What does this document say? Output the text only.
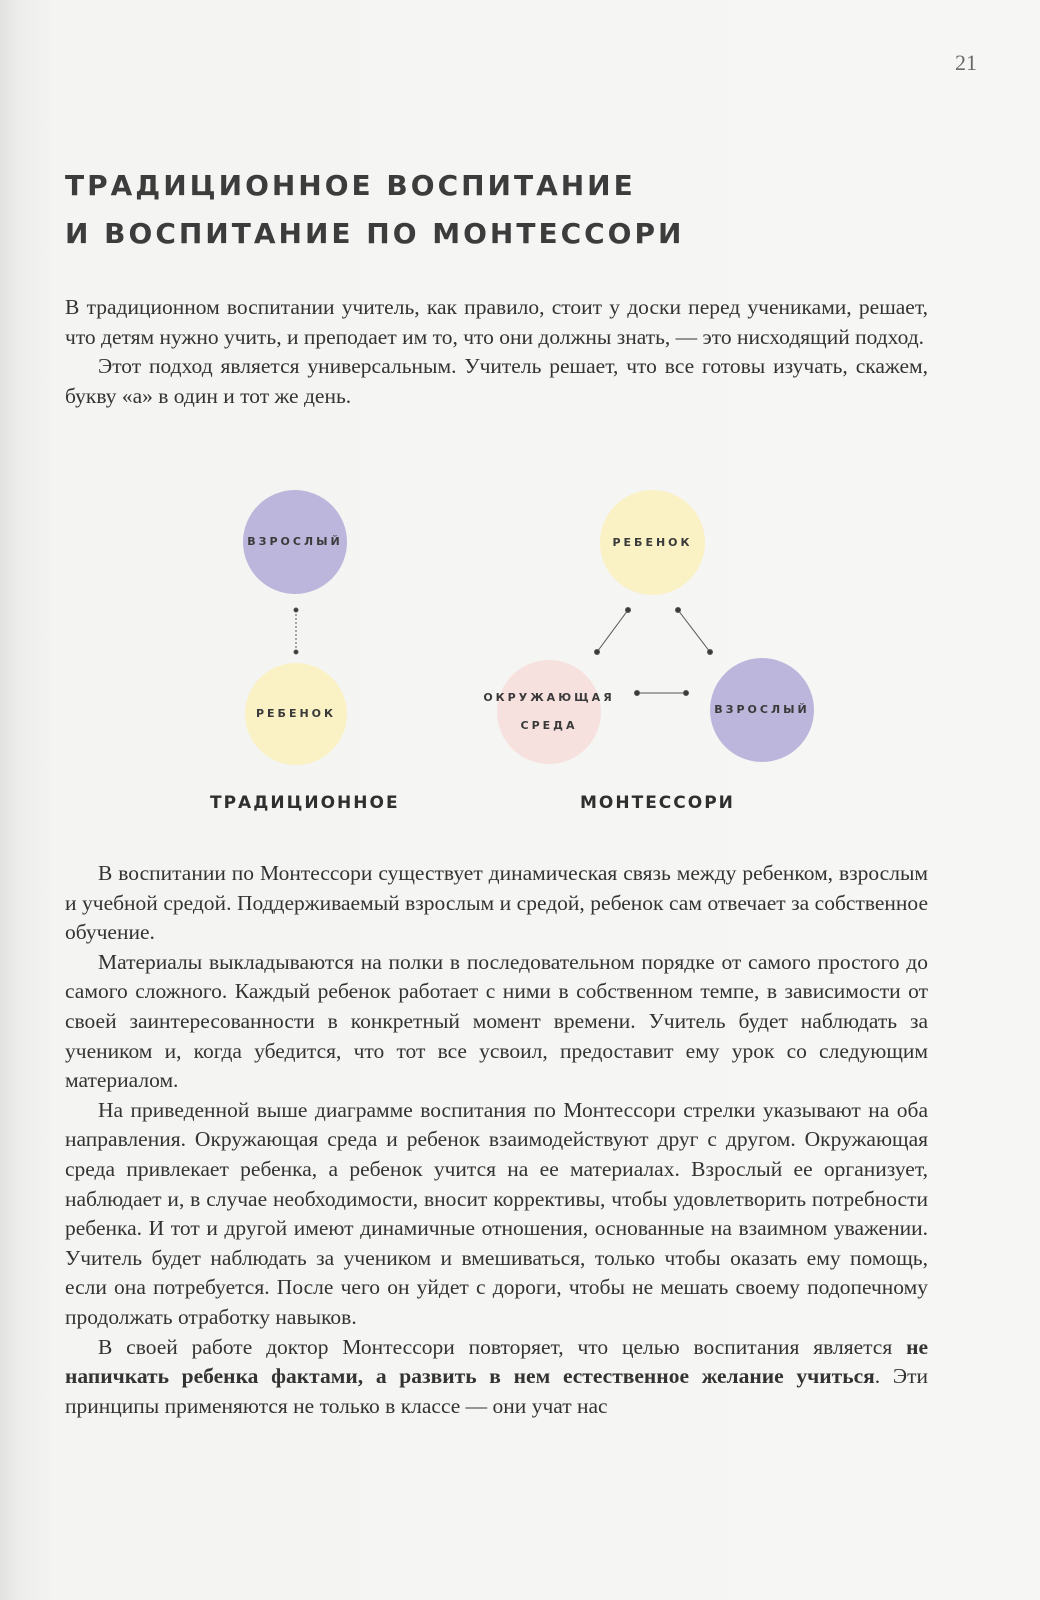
21
ТРАДИЦИОННОЕ ВОСПИТАНИЕ
И ВОСПИТАНИЕ ПО МОНТЕССОРИ

В традиционном воспитании учитель, как правило, стоит у доски перед учениками, решает, что детям нужно учить, и преподает им то, что они должны знать, — это нисходящий подход.

Этот подход является универсальным. Учитель решает, что все готовы изучать, скажем, букву «а» в один и тот же день.

ВЗРОСЛЫЙ
РЕБЕНОК
РЕБЕНОК
ОКРУЖАЮЩАЯ
СРЕДА
ВЗРОСЛЫЙ
ТРАДИЦИОННОЕ	МОНТЕССОРИ

В воспитании по Монтессори существует динамическая связь между ребенком, взрослым и учебной средой. Поддерживаемый взрослым и средой, ребенок сам отвечает за собственное обучение.

Материалы выкладываются на полки в последовательном порядке от самого простого до самого сложного. Каждый ребенок работает с ними в собственном темпе, в зависимости от своей заинтересованности в конкретный момент времени. Учитель будет наблюдать за учеником и, когда убедится, что тот все усвоил, предоставит ему урок со следующим материалом.

На приведенной выше диаграмме воспитания по Монтессори стрелки указывают на оба направления. Окружающая среда и ребенок взаимодействуют друг с другом. Окружающая среда привлекает ребенка, а ребенок учится на ее материалах. Взрослый ее организует, наблюдает и, в случае необходимости, вносит коррективы, чтобы удовлетворить потребности ребенка. И тот и другой имеют динамичные отношения, основанные на взаимном уважении. Учитель будет наблюдать за учеником и вмешиваться, только чтобы оказать ему помощь, если она потребуется. После чего он уйдет с дороги, чтобы не мешать своему подопечному продолжать отработку навыков.

В своей работе доктор Монтессори повторяет, что целью воспитания является не напичкать ребенка фактами, а развить в нем естественное желание учиться. Эти принципы применяются не только в классе — они учат нас
